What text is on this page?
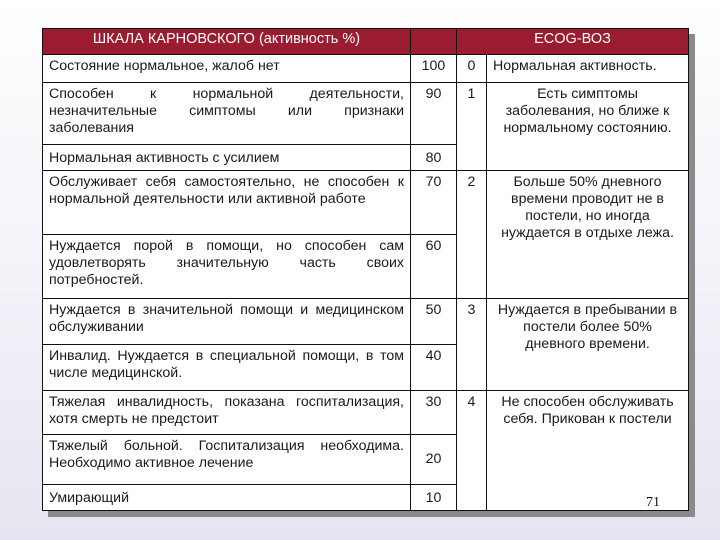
ШКАЛА КАРНОВСКОГО (активность %)		ECOG-ВОЗ	
Состояние нормальное, жалоб нет	100	0	Нормальная активность.
Способен к нормальной деятельности, незначительные симптомы или признаки заболевания	90	1	Есть симптомы заболевания, но ближе к нормальному состоянию.
Нормальная активность с усилием	80		
Обслуживает себя самостоятельно, не способен к нормальной деятельности или активной работе	70	2	Больше 50% дневного времени проводит не в постели, но иногда нуждается в отдыхе лежа.
Нуждается порой в помощи, но способен сам удовлетворять значительную часть своих потребностей.	60		
Нуждается в значительной помощи и медицинском обслуживании	50	3	Нуждается в пребывании в постели более 50% дневного времени.
Инвалид. Нуждается в специальной помощи, в том числе медицинской.	40		
Тяжелая инвалидность, показана госпитализация, хотя смерть не предстоит	30	4	Не способен обслуживать себя. Прикован к постели
Тяжелый больной. Госпитализация необходима. Необходимо активное лечение	20		
Умирающий	10			71
